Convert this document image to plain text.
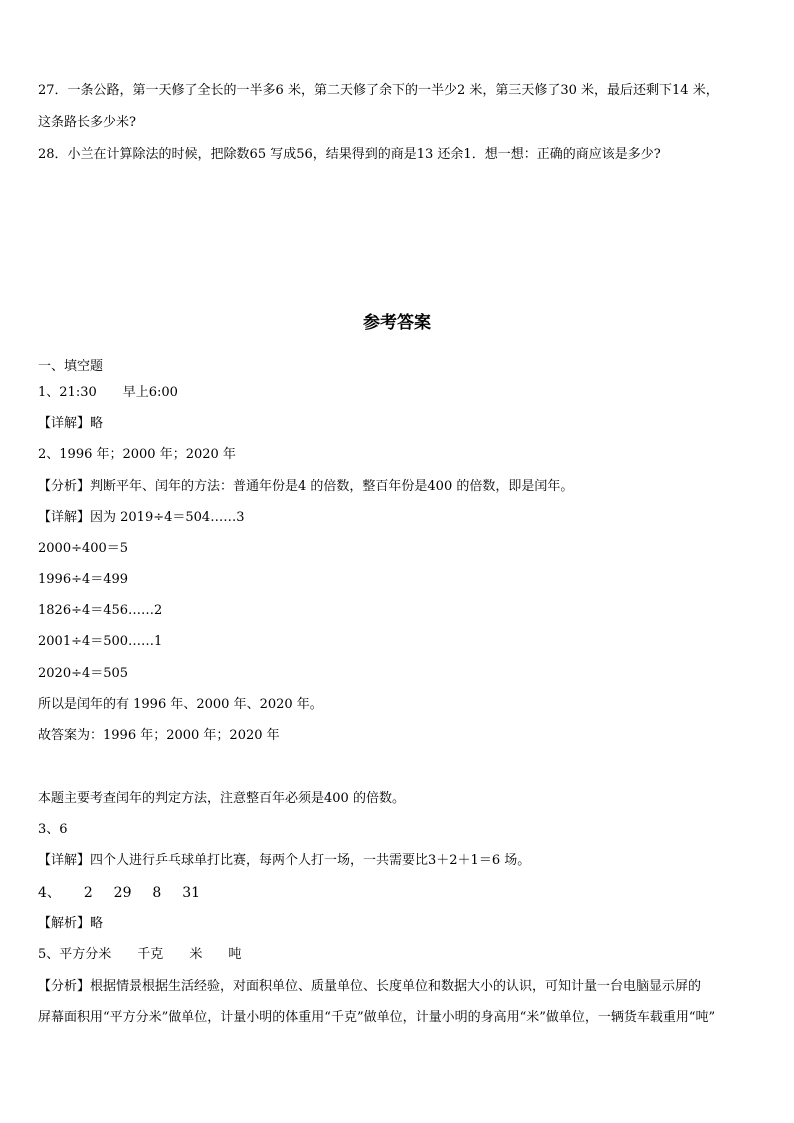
27．一条公路，第一天修了全长的一半多6 米，第二天修了余下的一半少2 米，第三天修了30 米，最后还剩下14 米，
这条路长多少米?
28．小兰在计算除法的时候，把除数65 写成56，结果得到的商是13 还余1．想一想：正确的商应该是多少?
参考答案
一、填空题
1、21:30 早上6:00
【详解】略
2、1996 年；2000 年；2020 年
【分析】判断平年、闰年的方法：普通年份是4 的倍数，整百年份是400 的倍数，即是闰年。
【详解】因为 2019÷4＝504……3
2000÷400＝5
1996÷4＝499
1826÷4＝456……2
2001÷4＝500……1
2020÷4＝505
所以是闰年的有 1996 年、2000 年、2020 年。
故答案为：1996 年；2000 年；2020 年
本题主要考查闰年的判定方法，注意整百年必须是400 的倍数。
3、6
【详解】四个人进行乒乓球单打比赛，每两个人打一场，一共需要比3＋2＋1＝6 场。
4、 2 29 8 31
【解析】略
5、平方分米 千克 米 吨
【分析】根据情景根据生活经验，对面积单位、质量单位、长度单位和数据大小的认识，可知计量一台电脑显示屏的
屏幕面积用“平方分米”做单位，计量小明的体重用“千克”做单位，计量小明的身高用“米”做单位，一辆货车载重用“吨”
